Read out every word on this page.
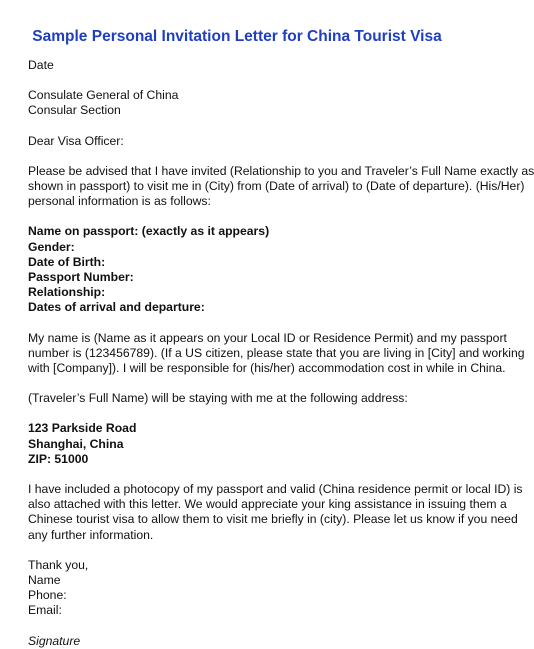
Sample Personal Invitation Letter for China Tourist Visa
Date
Consulate General of China
Consular Section
Dear Visa Officer:
Please be advised that I have invited (Relationship to you and Traveler’s Full Name exactly as
shown in passport) to visit me in (City) from (Date of arrival) to (Date of departure). (His/Her)
personal information is as follows:
Name on passport: (exactly as it appears)
Gender:
Date of Birth:
Passport Number:
Relationship:
Dates of arrival and departure:
My name is (Name as it appears on your Local ID or Residence Permit) and my passport
number is (123456789). (If a US citizen, please state that you are living in [City] and working
with [Company]). I will be responsible for (his/her) accommodation cost in while in China.
(Traveler’s Full Name) will be staying with me at the following address:
123 Parkside Road
Shanghai, China
ZIP: 51000
I have included a photocopy of my passport and valid (China residence permit or local ID) is
also attached with this letter. We would appreciate your king assistance in issuing them a
Chinese tourist visa to allow them to visit me briefly in (city). Please let us know if you need
any further information.
Thank you,
Name
Phone:
Email:
Signature
